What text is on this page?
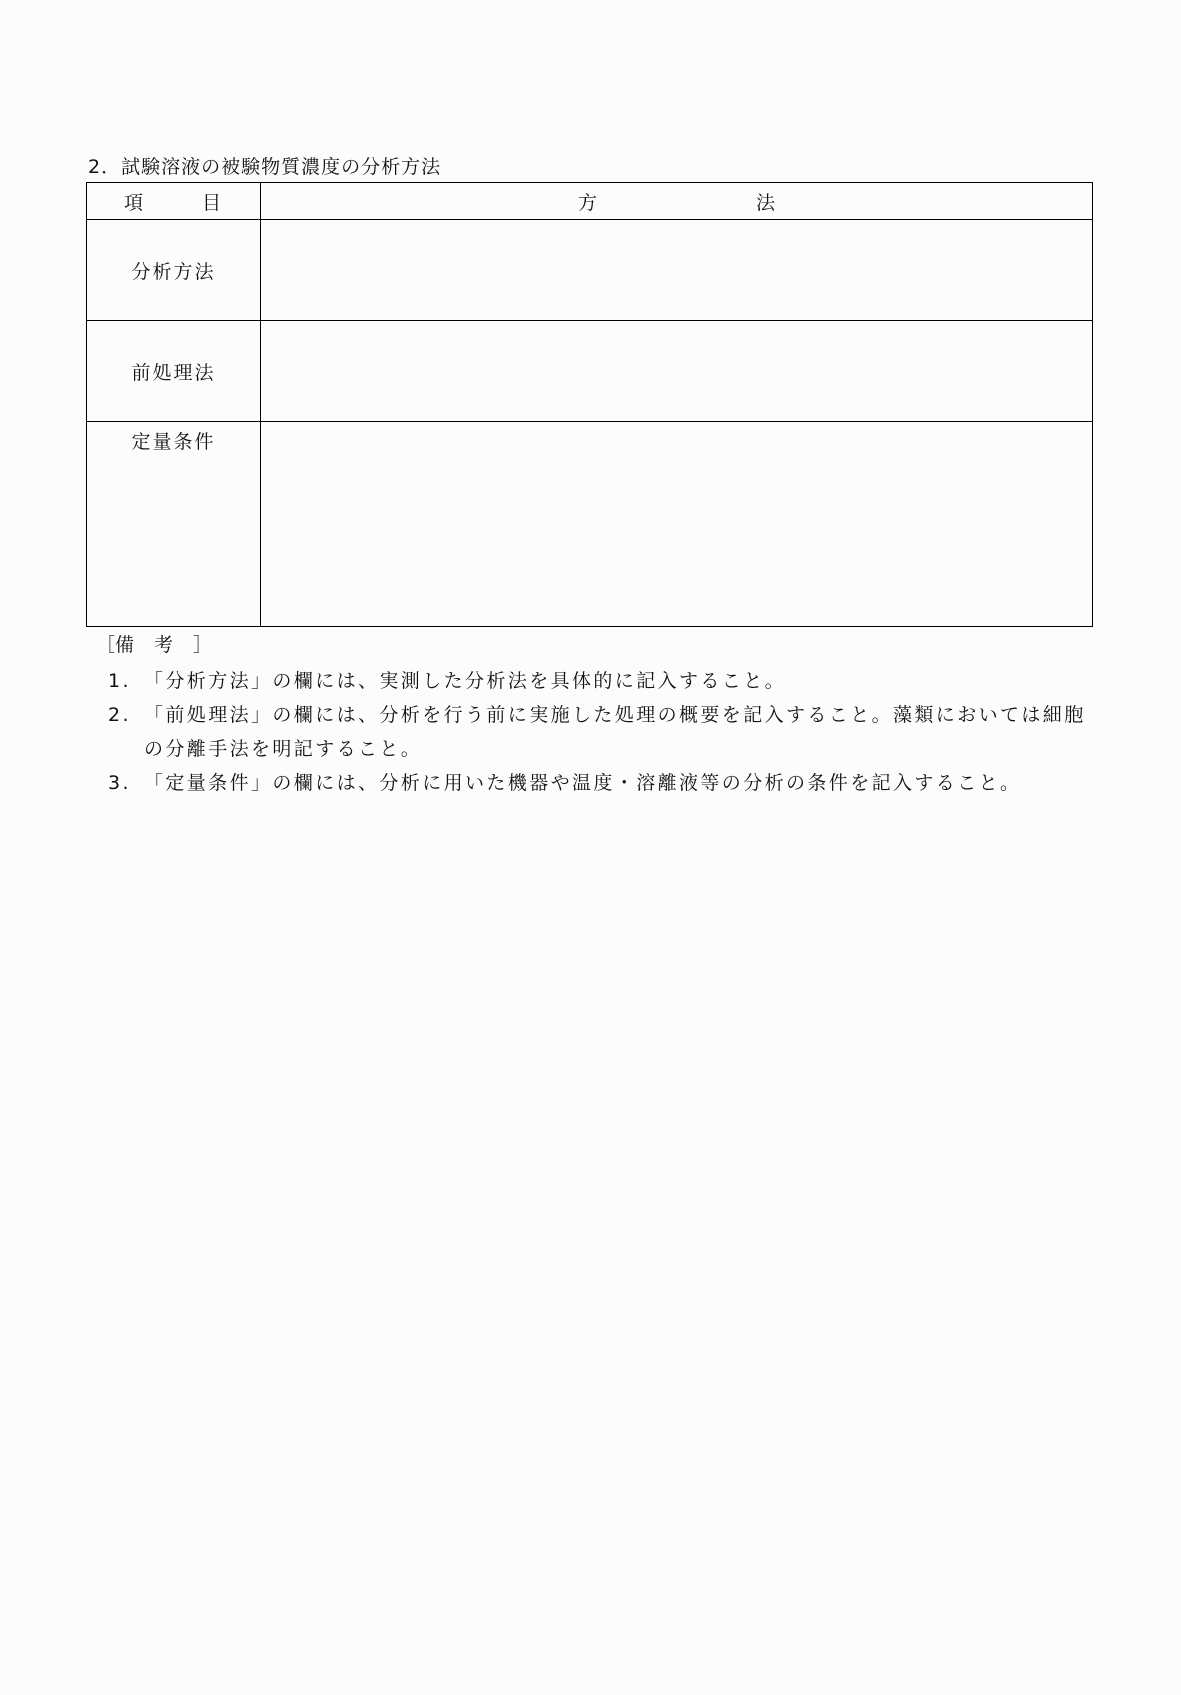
2．試験溶液の被験物質濃度の分析方法
項　目	方　法
分析方法	
前処理法	
定量条件	
［備考］
1. 「分析方法」の欄には、実測した分析法を具体的に記入すること。
2. 「前処理法」の欄には、分析を行う前に実施した処理の概要を記入すること。藻類においては細胞の分離手法を明記すること。
3. 「定量条件」の欄には、分析に用いた機器や温度・溶離液等の分析の条件を記入すること。
